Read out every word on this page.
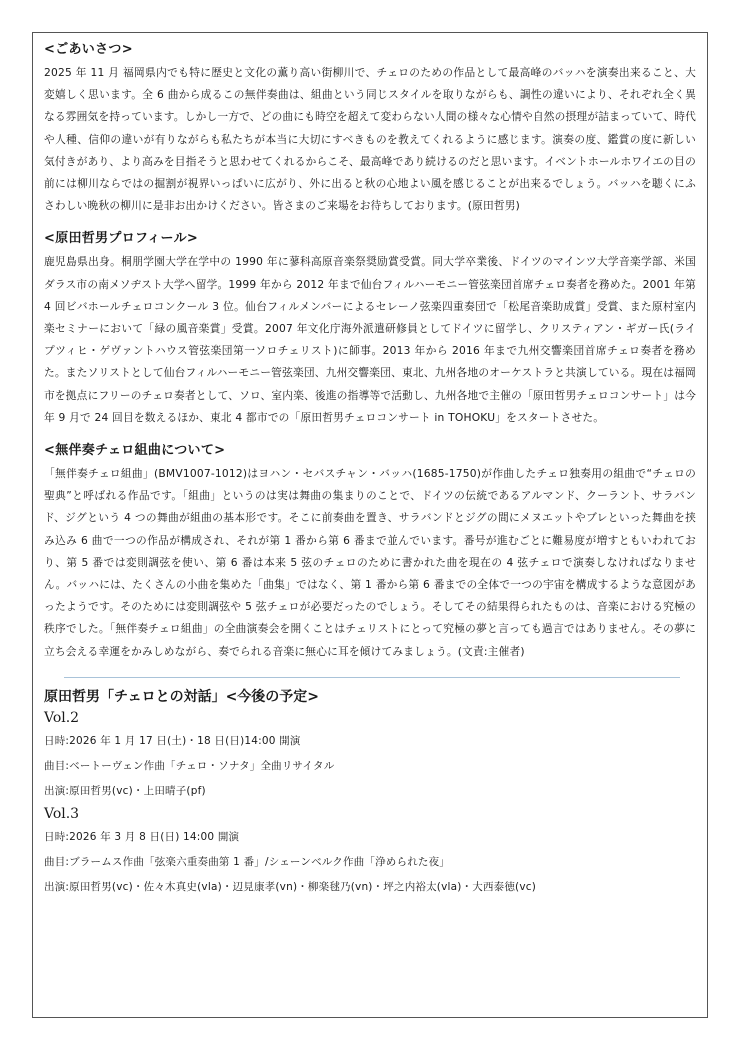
<ごあいさつ>

2025 年 11 月 福岡県内でも特に歴史と文化の薫り高い街柳川で、チェロのための作品として最高峰のバッハを演奏出来ること、大変嬉しく思います。全 6 曲から成るこの無伴奏曲は、組曲という同じスタイルを取りながらも、調性の違いにより、それぞれ全く異なる雰囲気を持っています。しかし一方で、どの曲にも時空を超えて変わらない人間の様々な心情や自然の摂理が詰まっていて、時代や人種、信仰の違いが有りながらも私たちが本当に大切にすべきものを教えてくれるように感じます。演奏の度、鑑賞の度に新しい気付きがあり、より高みを目指そうと思わせてくれるからこそ、最高峰であり続けるのだと思います。イベントホールホワイエの目の前には柳川ならではの掘割が視界いっぱいに広がり、外に出ると秋の心地よい風を感じることが出来るでしょう。バッハを聴くにふさわしい晩秋の柳川に是非お出かけください。皆さまのご来場をお待ちしております。(原田哲男)

<原田哲男プロフィール>

鹿児島県出身。桐朋学園大学在学中の 1990 年に蓼科高原音楽祭奨励賞受賞。同大学卒業後、ドイツのマインツ大学音楽学部、米国ダラス市の南メソヂスト大学へ留学。1999 年から 2012 年まで仙台フィルハーモニー管弦楽団首席チェロ奏者を務めた。2001 年第 4 回ビバホールチェロコンクール 3 位。仙台フィルメンバーによるセレーノ弦楽四重奏団で「松尾音楽助成賞」受賞、また原村室内楽セミナーにおいて「緑の風音楽賞」受賞。2007 年文化庁海外派遣研修員としてドイツに留学し、クリスティアン・ギガー氏(ライプツィヒ・ゲヴァントハウス管弦楽団第一ソロチェリスト)に師事。2013 年から 2016 年まで九州交響楽団首席チェロ奏者を務めた。またソリストとして仙台フィルハーモニー管弦楽団、九州交響楽団、東北、九州各地のオーケストラと共演している。現在は福岡市を拠点にフリーのチェロ奏者として、ソロ、室内楽、後進の指導等で活動し、九州各地で主催の「原田哲男チェロコンサート」は今年 9 月で 24 回目を数えるほか、東北 4 都市での「原田哲男チェロコンサート in TOHOKU」をスタートさせた。

<無伴奏チェロ組曲について>

「無伴奏チェロ組曲」(BMV1007-1012)はヨハン・セバスチャン・バッハ(1685-1750)が作曲したチェロ独奏用の組曲で“チェロの聖典”と呼ばれる作品です。「組曲」というのは実は舞曲の集まりのことで、ドイツの伝統であるアルマンド、クーラント、サラバンド、ジグという 4 つの舞曲が組曲の基本形です。そこに前奏曲を置き、サラバンドとジグの間にメヌエットやブレといった舞曲を挟み込み 6 曲で一つの作品が構成され、それが第 1 番から第 6 番まで並んでいます。番号が進むごとに難易度が増すともいわれており、第 5 番では変則調弦を使い、第 6 番は本来 5 弦のチェロのために書かれた曲を現在の 4 弦チェロで演奏しなければなりません。バッハには、たくさんの小曲を集めた「曲集」ではなく、第 1 番から第 6 番までの全体で一つの宇宙を構成するような意図があったようです。そのためには変則調弦や 5 弦チェロが必要だったのでしょう。そしてその結果得られたものは、音楽における究極の秩序でした。「無伴奏チェロ組曲」の全曲演奏会を開くことはチェリストにとって究極の夢と言っても過言ではありません。その夢に立ち会える幸運をかみしめながら、奏でられる音楽に無心に耳を傾けてみましょう。(文責:主催者)

原田哲男「チェロとの対話」<今後の予定>

Vol.2

日時:2026 年 1 月 17 日(土)・18 日(日)14:00 開演

曲目:ベートーヴェン作曲「チェロ・ソナタ」全曲リサイタル

出演:原田哲男(vc)・上田晴子(pf)

Vol.3

日時:2026 年 3 月 8 日(日) 14:00 開演

曲目:ブラームス作曲「弦楽六重奏曲第 1 番」/シェーンベルク作曲「浄められた夜」

出演:原田哲男(vc)・佐々木真史(vla)・辺見康孝(vn)・柳楽毬乃(vn)・坪之内裕太(vla)・大西泰徳(vc)
